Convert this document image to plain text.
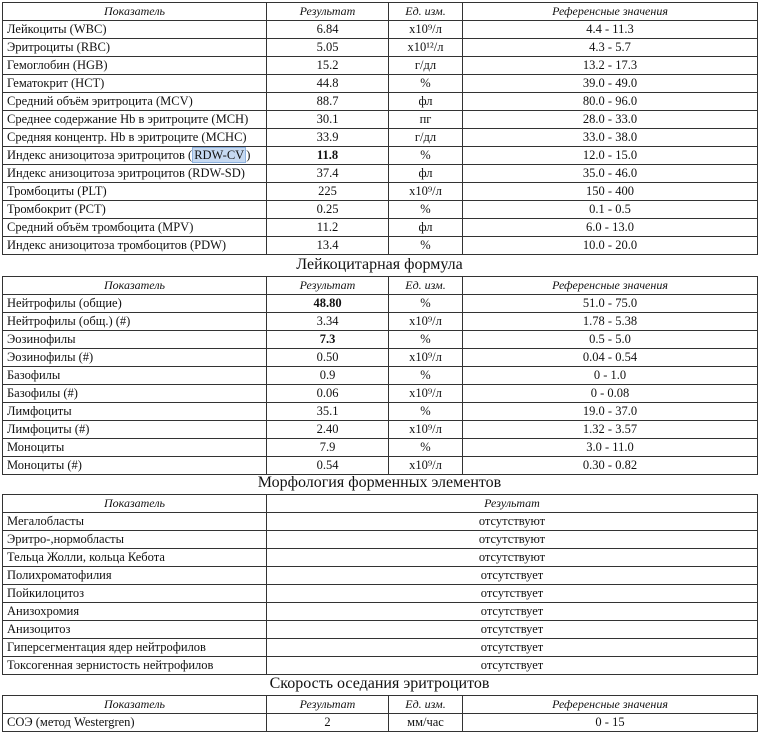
Показатель	Результат	Ед. изм.	Референсные значения
Лейкоциты (WBC)	6.84	х10⁹/л	4.4 - 11.3
Эритроциты (RBC)	5.05	х10¹²/л	4.3 - 5.7
Гемоглобин (HGB)	15.2	г/дл	13.2 - 17.3
Гематокрит (HCT)	44.8	%	39.0 - 49.0
Средний объём эритроцита (MCV)	88.7	фл	80.0 - 96.0
Среднее содержание Hb в эритроците (MCH)	30.1	пг	28.0 - 33.0
Средняя концентр. Hb в эритроците (MCHC)	33.9	г/дл	33.0 - 38.0
Индекс анизоцитоза эритроцитов ( RDW-CV )	11.8	%	12.0 - 15.0
Индекс анизоцитоза эритроцитов (RDW-SD)	37.4	фл	35.0 - 46.0
Тромбоциты (PLT)	225	х10⁹/л	150 - 400
Тромбокрит (PCT)	0.25	%	0.1 - 0.5
Средний объём тромбоцита (MPV)	11.2	фл	6.0 - 13.0
Индекс анизоцитоза тромбоцитов (PDW)	13.4	%	10.0 - 20.0
Лейкоцитарная формула
Показатель	Результат	Ед. изм.	Референсные значения
Нейтрофилы (общие)	48.80	%	51.0 - 75.0
Нейтрофилы (общ.) (#)	3.34	х10⁹/л	1.78 - 5.38
Эозинофилы	7.3	%	0.5 - 5.0
Эозинофилы (#)	0.50	х10⁹/л	0.04 - 0.54
Базофилы	0.9	%	0 - 1.0
Базофилы (#)	0.06	х10⁹/л	0 - 0.08
Лимфоциты	35.1	%	19.0 - 37.0
Лимфоциты (#)	2.40	х10⁹/л	1.32 - 3.57
Моноциты	7.9	%	3.0 - 11.0
Моноциты (#)	0.54	х10⁹/л	0.30 - 0.82
Морфология форменных элементов
Показатель	Результат
Мегалобласты	отсутствуют
Эритро-,нормобласты	отсутствуют
Тельца Жолли, кольца Кебота	отсутствуют
Полихроматофилия	отсутствует
Пойкилоцитоз	отсутствует
Анизохромия	отсутствует
Анизоцитоз	отсутствует
Гиперсегментация ядер нейтрофилов	отсутствует
Токсогенная зернистость нейтрофилов	отсутствует
Скорость оседания эритроцитов
Показатель	Результат	Ед. изм.	Референсные значения
СОЭ (метод Westergren)	2	мм/час	0 - 15
